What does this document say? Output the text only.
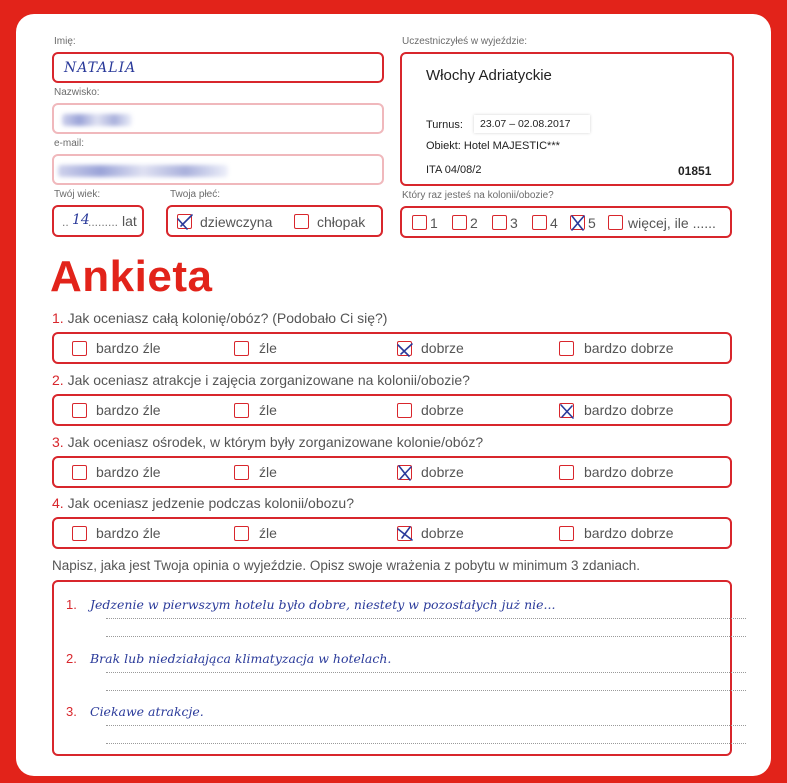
Imię:
NATALIA
Nazwisko:
e-mail:
Twój wiek:
.. 14
......... lat
Twoja płeć:
dziewczyna	chłopak
Uczestniczyłeś w wyjeździe:
Włochy Adriatyckie
Turnus:	23.07 – 02.08.2017
Obiekt: Hotel MAJESTIC***
ITA 04/08/2	01851
Który raz jesteś na kolonii/obozie?
1 2 3 4 5 więcej, ile ......
Ankieta
1. Jak oceniasz całą kolonię/obóz? (Podobało Ci się?)
bardzo źle	źle	dobrze	bardzo dobrze
2. Jak oceniasz atrakcje i zajęcia zorganizowane na kolonii/obozie?
bardzo źle	źle	dobrze	bardzo dobrze
3. Jak oceniasz ośrodek, w którym były zorganizowane kolonie/obóz?
bardzo źle	źle	dobrze	bardzo dobrze
4. Jak oceniasz jedzenie podczas kolonii/obozu?
bardzo źle	źle	dobrze	bardzo dobrze
Napisz, jaka jest Twoja opinia o wyjeździe. Opisz swoje wrażenia z pobytu w minimum 3 zdaniach.
1. Jedzenie w pierwszym hotelu było dobre, niestety w pozostałych już nie...
2. Brak lub niedziałająca klimatyzacja w hotelach.
3. Ciekawe atrakcje.
